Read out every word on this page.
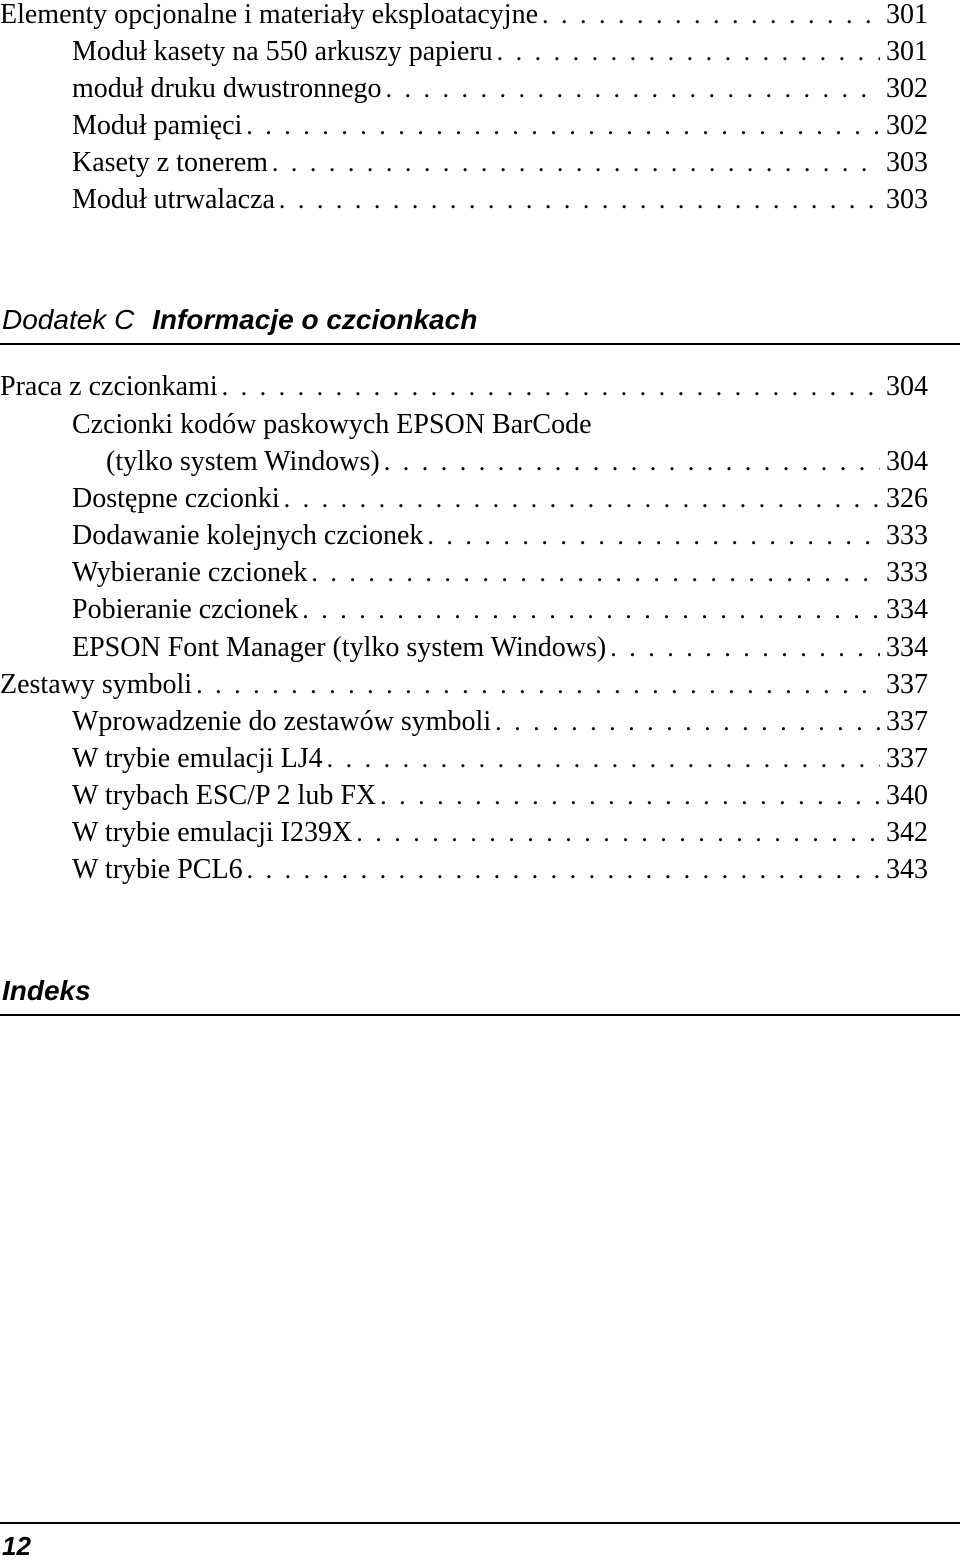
Elementy opcjonalne i materiały eksploatacyjne . . .	301
Moduł kasety na 550 arkuszy papieru . . .	301
moduł druku dwustronnego . . .	302
Moduł pamięci . . .	302
Kasety z tonerem . . .	303
Moduł utrwalacza . . .	303
Dodatek C Informacje o czcionkach
Praca z czcionkami . . .	304
Czcionki kodów paskowych EPSON BarCode
(tylko system Windows) . . .	304
Dostępne czcionki . . .	326
Dodawanie kolejnych czcionek . . .	333
Wybieranie czcionek . . .	333
Pobieranie czcionek . . .	334
EPSON Font Manager (tylko system Windows) . . .	334
Zestawy symboli . . .	337
Wprowadzenie do zestawów symboli . . .	337
W trybie emulacji LJ4 . . .	337
W trybach ESC/P 2 lub FX . . .	340
W trybie emulacji I239X . . .	342
W trybie PCL6 . . .	343
Indeks
12
